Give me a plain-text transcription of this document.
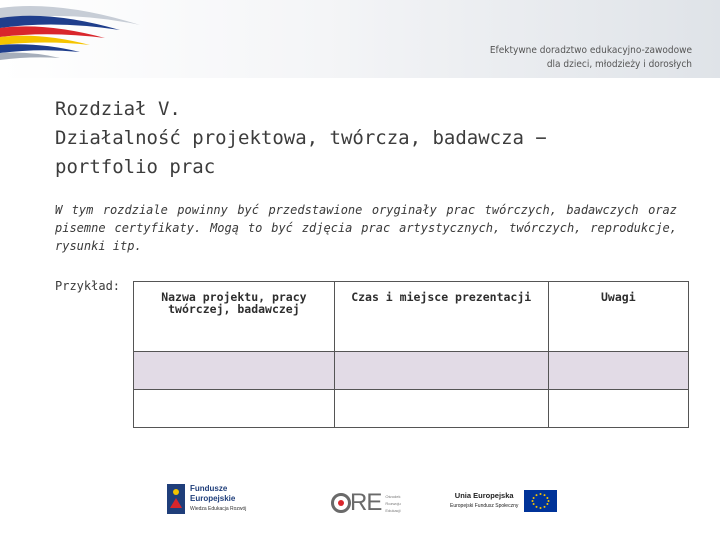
Efektywne doradztwo edukacyjno-zawodowe
dla dzieci, młodzieży i dorosłych
Rozdział V.
Działalność projektowa, twórcza, badawcza −
portfolio prac

W tym rozdziale powinny być przedstawione oryginały prac twórczych, badawczych oraz pisemne certyfikaty. Mogą to być zdjęcia prac artystycznych, twórczych, reprodukcje, rysunki itp.

Przykład:
Nazwa projektu, pracy twórczej, badawczej	Czas i miejsce prezentacji	Uwagi

Fundusze
Europejskie
Wiedza Edukacja Rozwój	RE Ośrodek
Rozwoju
Edukacji
Unia Europejska
Europejski Fundusz Społeczny
